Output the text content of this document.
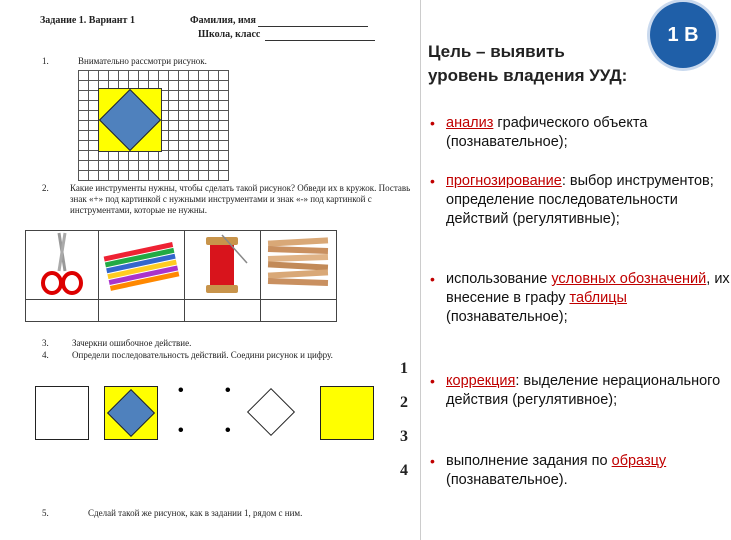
Задание 1. Вариант 1	Фамилия, имя
Школа, класс
1.	Внимательно рассмотри рисунок.
2. Какие инструменты нужны, чтобы сделать такой рисунок? Обведи их в кружок. Поставь знак «+» под картинкой с нужными инструментами и знак «-» под картинкой с инструментами, которые не нужны.
3.	Зачеркни ошибочное действие.
4.	Определи последовательность действий. Соедини рисунок и цифру.
•	•
•	•
1
2
3
4
5.	Сделай такой же рисунок, как в задании 1, рядом с ним.
1 В
Цель – выявить
уровень владения УУД:
• анализ графического объекта (познавательное);
• прогнозирование: выбор инструментов; определение последовательности действий (регулятивные);
• использование условных обозначений, их внесение в графу таблицы (познавательное);
• коррекция: выделение нерационального действия (регулятивное);
• выполнение задания по образцу (познавательное).
